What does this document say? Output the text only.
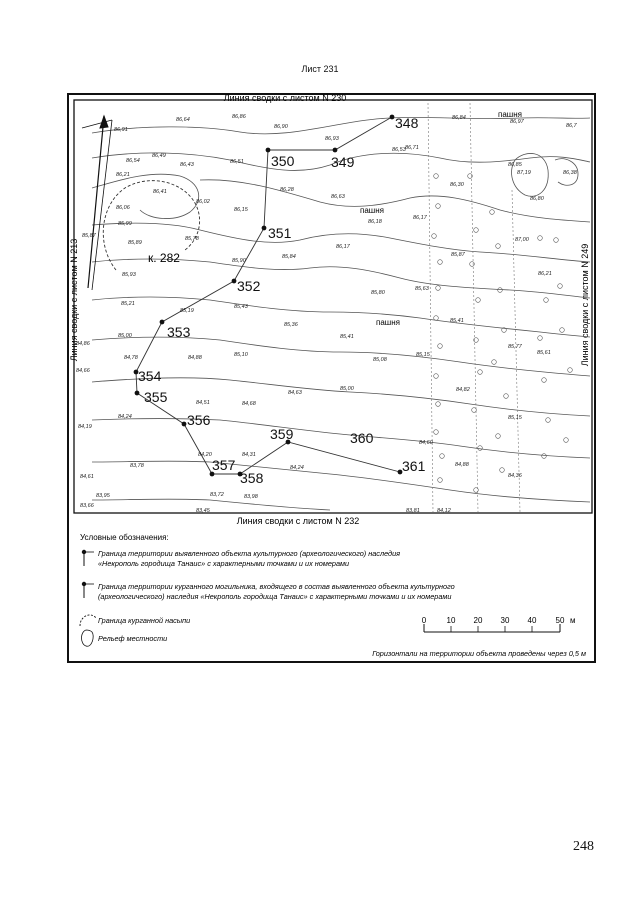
Лист 231
Линия сводки с листом N 230
Линия сводки с листом N 232
Линия сводки с листом N 213	Линия сводки с листом N 249
348
349
350
351
352
353
354
355
356
357
358
359	360
361
к. 282
пашня
пашня
пашня
86,91
86,64	86,86
86,90
86,93
86,53 86,71
86,84
86,97
86,7
86,54
86,49
86,43	86,51	86,85
86,30
87,19	86,38
86,21
86,41
86,02
86,28
86,63	86,80
86,06	86,15
86,18
86,17
85,99
85,87
85,89
85,78
85,90
86,17
85,87
87,00
85,93
85,84
85,80
85,63
86,21
85,21
85,19
85,43
85,36
85,41
85,00
84,86
85,41
85,77
85,61
84,78	84,88	85,10
85,08
85,15
84,66
84,82
84,63
85,00
84,24
84,51	84,68
85,15
84,19
84,20	84,31
84,60
84,88
83,78	84,24
84,36
84,61
83,72	83,98
83,95
83,66
83,45	83,81	84,12
Условные обозначения:
Граница территории выявленного объекта культурного (археологического) наследия
«Некрополь городища Танаис» с характерными точками и их номерами
Граница территории курганного могильника, входящего в состав выявленного объекта культурного
(археологического) наследия «Некрополь городища Танаис» с характерными точками и их номерами
Граница курганной насыпи
Рельеф местности
0	10 20 30 40 50 м
Горизонтали на территории объекта проведены через 0,5 м
248
